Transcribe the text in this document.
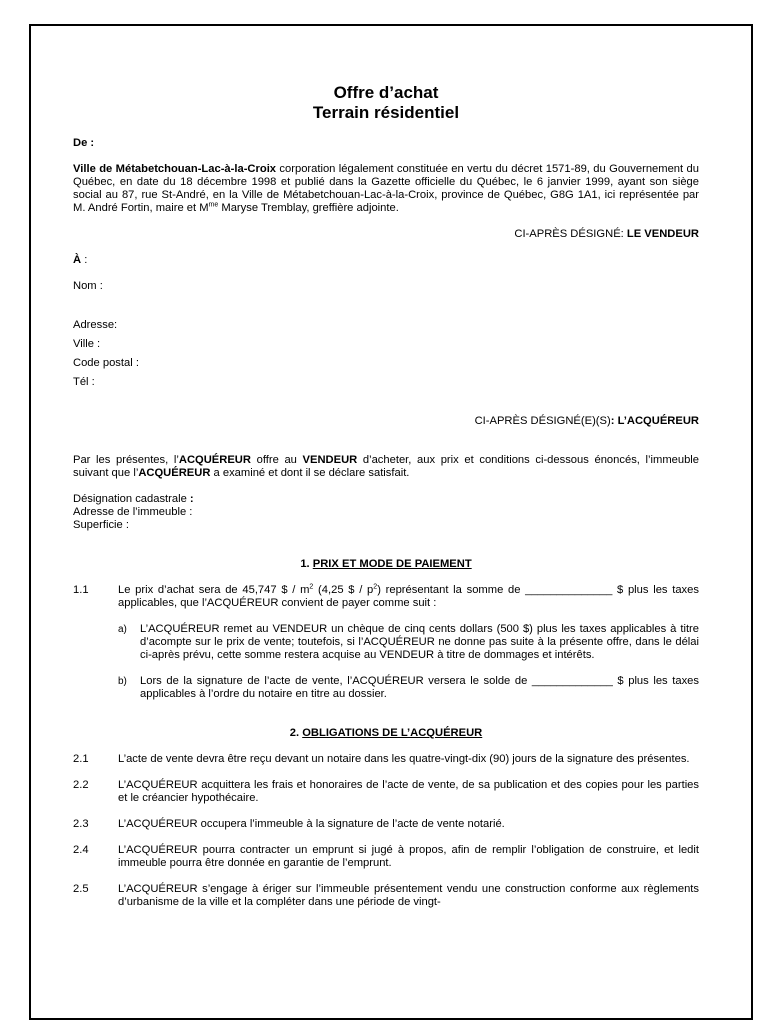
Offre d’achat

Terrain résidentiel

De :

Ville de Métabetchouan-Lac-à-la-Croix corporation légalement constituée en vertu du décret 1571-89, du Gouvernement du Québec, en date du 18 décembre 1998 et publié dans la Gazette officielle du Québec, le 6 janvier 1999, ayant son siège social au 87, rue St-André, en la Ville de Métabetchouan-Lac-à-la-Croix, province de Québec, G8G 1A1, ici représentée par M. André Fortin, maire et $M^{me}$ Maryse Tremblay, greffière adjointe.

CI-APRÈS DÉSIGNÉ: LE VENDEUR

À :

Nom :

Adresse:

Ville :

Code postal :

Tél :

CI-APRÈS DÉSIGNÉ(E)(S): L’ACQUÉREUR

Par les présentes, l’ACQUÉREUR offre au VENDEUR d’acheter, aux prix et conditions ci-dessous énoncés, l’immeuble suivant que l’ACQUÉREUR a examiné et dont il se déclare satisfait.

Désignation cadastrale :

Adresse de l’immeuble :

Superficie :

1. PRIX ET MODE DE PAIEMENT

1.1	Le prix d’achat sera de 45,747 $ / $m^2$ (4,25 $ / $p^2$) représentant la somme de ______________ $ plus les taxes applicables, que l’ACQUÉREUR convient de payer comme suit :
a)	L’ACQUÉREUR remet au VENDEUR un chèque de cinq cents dollars (500 $) plus les taxes applicables à titre d’acompte sur le prix de vente; toutefois, si l’ACQUÉREUR ne donne pas suite à la présente offre, dans le délai ci-après prévu, cette somme restera acquise au VENDEUR à titre de dommages et intérêts.
b)	Lors de la signature de l’acte de vente, l’ACQUÉREUR versera le solde de _____________ $ plus les taxes applicables à l’ordre du notaire en titre au dossier.

2. OBLIGATIONS DE L’ACQUÉREUR

2.1	L’acte de vente devra être reçu devant un notaire dans les quatre-vingt-dix (90) jours de la signature des présentes.
2.2	L’ACQUÉREUR acquittera les frais et honoraires de l’acte de vente, de sa publication et des copies pour les parties et le créancier hypothécaire.
2.3	L’ACQUÉREUR occupera l’immeuble à la signature de l’acte de vente notarié.
2.4	L’ACQUÉREUR pourra contracter un emprunt si jugé à propos, afin de remplir l’obligation de construire, et ledit immeuble pourra être donnée en garantie de l’emprunt.
2.5	L’ACQUÉREUR s’engage à ériger sur l’immeuble présentement vendu une construction conforme aux règlements d’urbanisme de la ville et la compléter dans une période de vingt-
